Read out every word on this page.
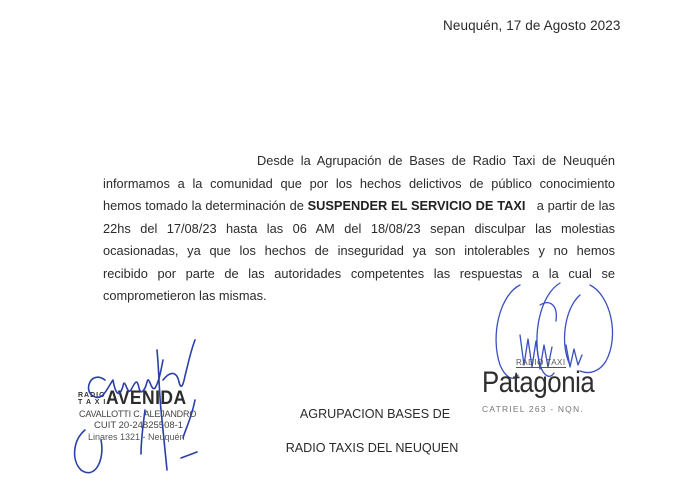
Neuquén, 17 de Agosto 2023
Desde la Agrupación de Bases de Radio Taxi de Neuquén
informamos a la comunidad que por los hechos delictivos de público conocimiento
hemos tomado la determinación de SUSPENDER EL SERVICIO DE TAXI   a partir de las
22hs del 17/08/23 hasta las 06 AM del 18/08/23 sepan disculpar las molestias
ocasionadas, ya que los hechos de inseguridad ya son intolerables y no hemos
recibido por parte de las autoridades competentes las respuestas a la cual se
comprometieron las mismas.
RADIO
T A X I AVENIDA
CAVALLOTTI C. ALEJANDRO
CUIT 20-24825508-1
Linares 1321 - Neuquén
RADIO TAXI
Patagonia
CATRIEL 263 - NQN.
AGRUPACION BASES DE
RADIO TAXIS DEL NEUQUEN
